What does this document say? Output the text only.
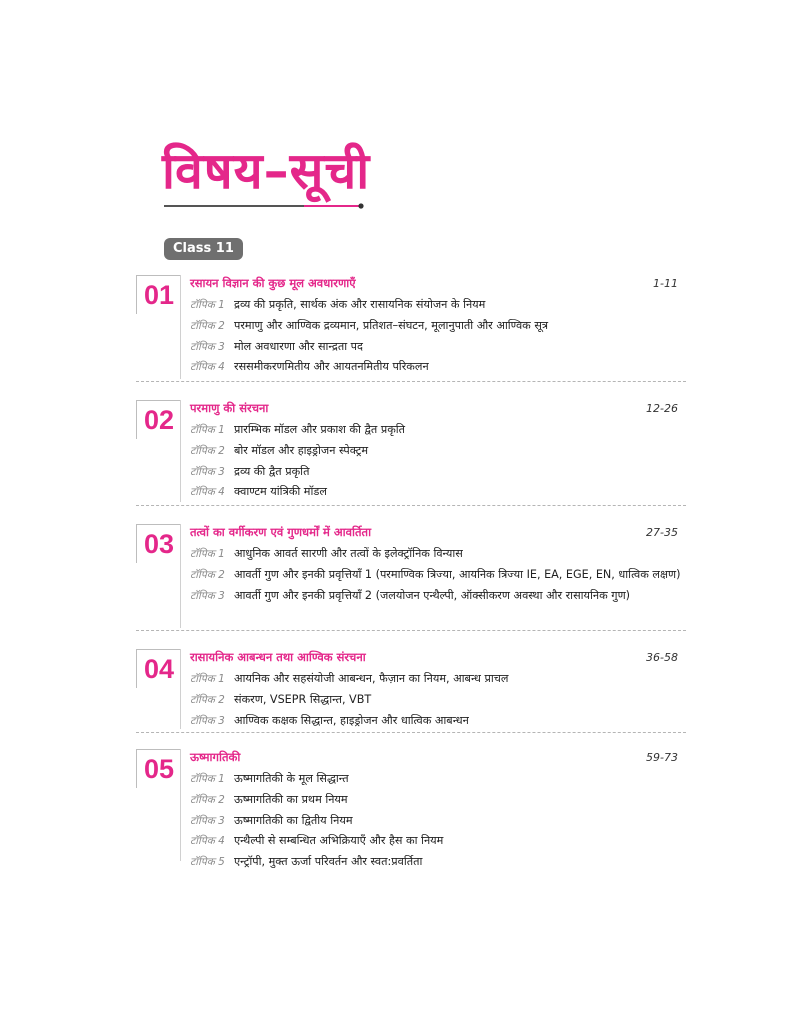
विषय–सूची
Class 11
01	रसायन विज्ञान की कुछ मूल अवधारणाएँ	1-11
टॉपिक 1 द्रव्य की प्रकृति, सार्थक अंक और रासायनिक संयोजन के नियम
टॉपिक 2 परमाणु और आण्विक द्रव्यमान, प्रतिशत–संघटन, मूलानुपाती और आण्विक सूत्र
टॉपिक 3 मोल अवधारणा और सान्द्रता पद
टॉपिक 4 रससमीकरणमितीय और आयतनमितीय परिकलन
02	परमाणु की संरचना	12-26
टॉपिक 1 प्रारम्भिक मॉडल और प्रकाश की द्वैत प्रकृति
टॉपिक 2 बोर मॉडल और हाइड्रोजन स्पेक्ट्रम
टॉपिक 3 द्रव्य की द्वैत प्रकृति
टॉपिक 4 क्वाण्टम यांत्रिकी मॉडल
03	तत्वों का वर्गीकरण एवं गुणधर्मों में आवर्तिता	27-35
टॉपिक 1 आधुनिक आवर्त सारणी और तत्वों के इलेक्ट्रॉनिक विन्यास
टॉपिक 2 आवर्ती गुण और इनकी प्रवृत्तियाँ 1 (परमाण्विक त्रिज्या, आयनिक त्रिज्या IE, EA, EGE, EN, धात्विक लक्षण)
टॉपिक 3 आवर्ती गुण और इनकी प्रवृत्तियाँ 2 (जलयोजन एन्थैल्पी, ऑक्सीकरण अवस्था और रासायनिक गुण)
04	रासायनिक आबन्धन तथा आण्विक संरचना	36-58
टॉपिक 1 आयनिक और सहसंयोजी आबन्धन, फैज़ान का नियम, आबन्ध प्राचल
टॉपिक 2 संकरण, VSEPR सिद्धान्त, VBT
टॉपिक 3 आण्विक कक्षक सिद्धान्त, हाइड्रोजन और धात्विक आबन्धन
05	ऊष्मागतिकी	59-73
टॉपिक 1 ऊष्मागतिकी के मूल सिद्धान्त
टॉपिक 2 ऊष्मागतिकी का प्रथम नियम
टॉपिक 3 ऊष्मागतिकी का द्वितीय नियम
टॉपिक 4 एन्थैल्पी से सम्बन्धित अभिक्रियाएँ और हैस का नियम
टॉपिक 5 एन्ट्रॉपी, मुक्त ऊर्जा परिवर्तन और स्वत:प्रवर्तिता
